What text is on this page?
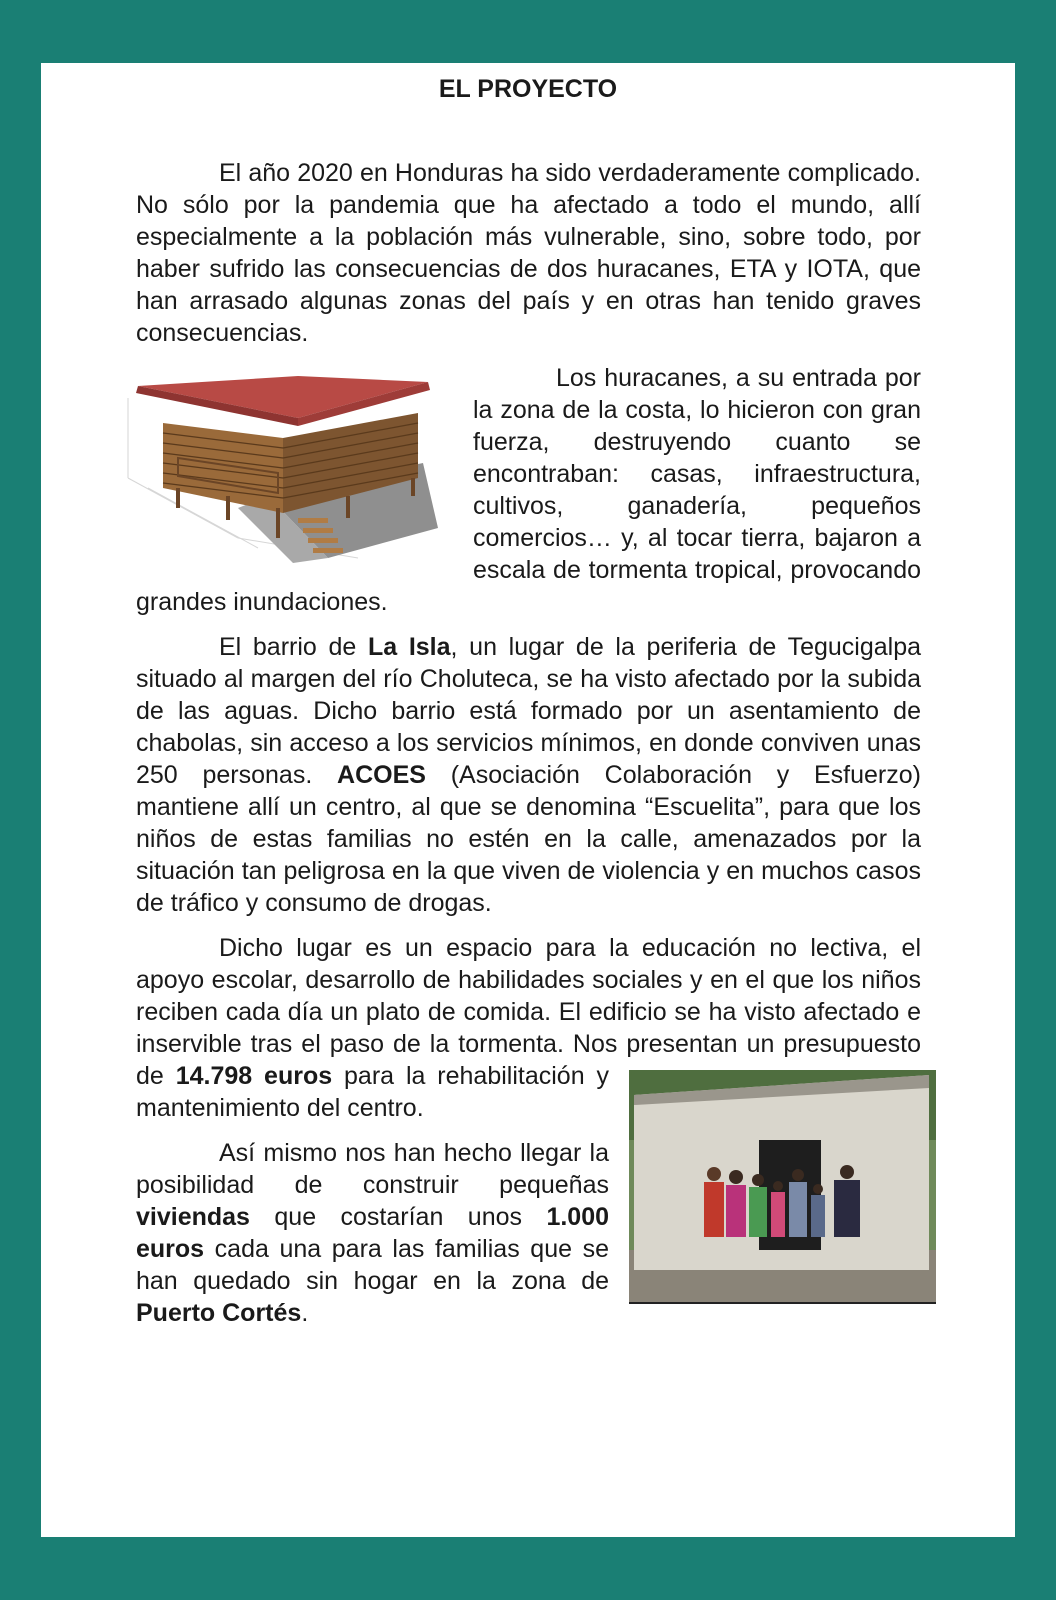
EL PROYECTO

El año 2020 en Honduras ha sido verdaderamente complicado. No sólo por la pandemia que ha afectado a todo el mundo, allí especialmente a la población más vulnerable, sino, sobre todo, por haber sufrido las consecuencias de dos huracanes, ETA y IOTA, que han arrasado algunas zonas del país y en otras han tenido graves consecuencias.

Los huracanes, a su entrada por la zona de la costa, lo hicieron con gran fuerza, destruyendo cuanto se encontraban: casas, infraestructura, cultivos, ganadería, pequeños comercios… y, al tocar tierra, bajaron a escala de tormenta tropical, provocando grandes inundaciones.

El barrio de La Isla, un lugar de la periferia de Tegucigalpa situado al margen del río Choluteca, se ha visto afectado por la subida de las aguas. Dicho barrio está formado por un asentamiento de chabolas, sin acceso a los servicios mínimos, en donde conviven unas 250 personas. ACOES (Asociación Colaboración y Esfuerzo) mantiene allí un centro, al que se denomina “Escuelita”, para que los niños de estas familias no estén en la calle, amenazados por la situación tan peligrosa en la que viven de violencia y en muchos casos de tráfico y consumo de drogas.

Dicho lugar es un espacio para la educación no lectiva, el apoyo escolar, desarrollo de habilidades sociales y en el que los niños reciben cada día un plato de comida. El edificio se ha visto afectado e inservible tras el paso de la tormenta. Nos presentan un presupuesto de
14.798 euros para la rehabilitación y mantenimiento del centro.

Así mismo nos han hecho llegar la posibilidad de construir pequeñas viviendas que costarían unos 1.000 euros cada una para las familias que se han quedado sin hogar en la zona de Puerto Cortés.
